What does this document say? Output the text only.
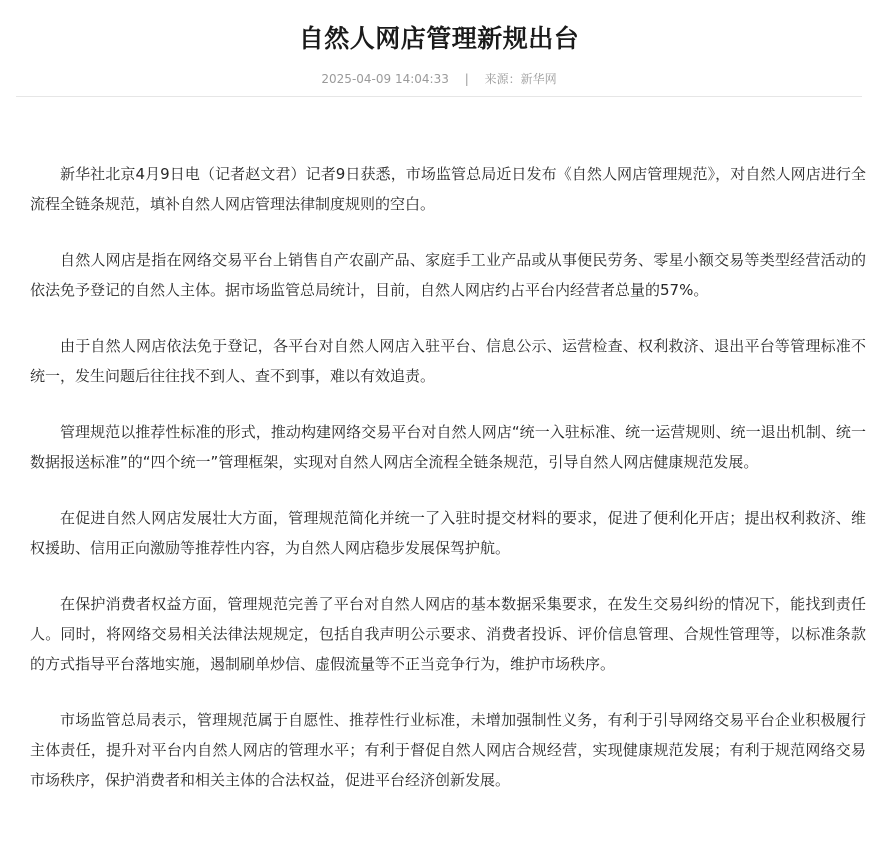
自然人网店管理新规出台
2025-04-09 14:04:33 | 来源：新华网

新华社北京4月9日电（记者赵文君）记者9日获悉，市场监管总局近日发布《自然人网店管理规范》，对自然人网店进行全流程全链条规范，填补自然人网店管理法律制度规则的空白。

自然人网店是指在网络交易平台上销售自产农副产品、家庭手工业产品或从事便民劳务、零星小额交易等类型经营活动的依法免予登记的自然人主体。据市场监管总局统计，目前，自然人网店约占平台内经营者总量的57%。

由于自然人网店依法免于登记，各平台对自然人网店入驻平台、信息公示、运营检查、权利救济、退出平台等管理标准不统一，发生问题后往往找不到人、查不到事，难以有效追责。

管理规范以推荐性标准的形式，推动构建网络交易平台对自然人网店“统一入驻标准、统一运营规则、统一退出机制、统一数据报送标准”的“四个统一”管理框架，实现对自然人网店全流程全链条规范，引导自然人网店健康规范发展。

在促进自然人网店发展壮大方面，管理规范简化并统一了入驻时提交材料的要求，促进了便利化开店；提出权利救济、维权援助、信用正向激励等推荐性内容，为自然人网店稳步发展保驾护航。

在保护消费者权益方面，管理规范完善了平台对自然人网店的基本数据采集要求，在发生交易纠纷的情况下，能找到责任人。同时，将网络交易相关法律法规规定，包括自我声明公示要求、消费者投诉、评价信息管理、合规性管理等，以标准条款的方式指导平台落地实施，遏制刷单炒信、虚假流量等不正当竞争行为，维护市场秩序。

市场监管总局表示，管理规范属于自愿性、推荐性行业标准，未增加强制性义务，有利于引导网络交易平台企业积极履行主体责任，提升对平台内自然人网店的管理水平；有利于督促自然人网店合规经营，实现健康规范发展；有利于规范网络交易市场秩序，保护消费者和相关主体的合法权益，促进平台经济创新发展。
